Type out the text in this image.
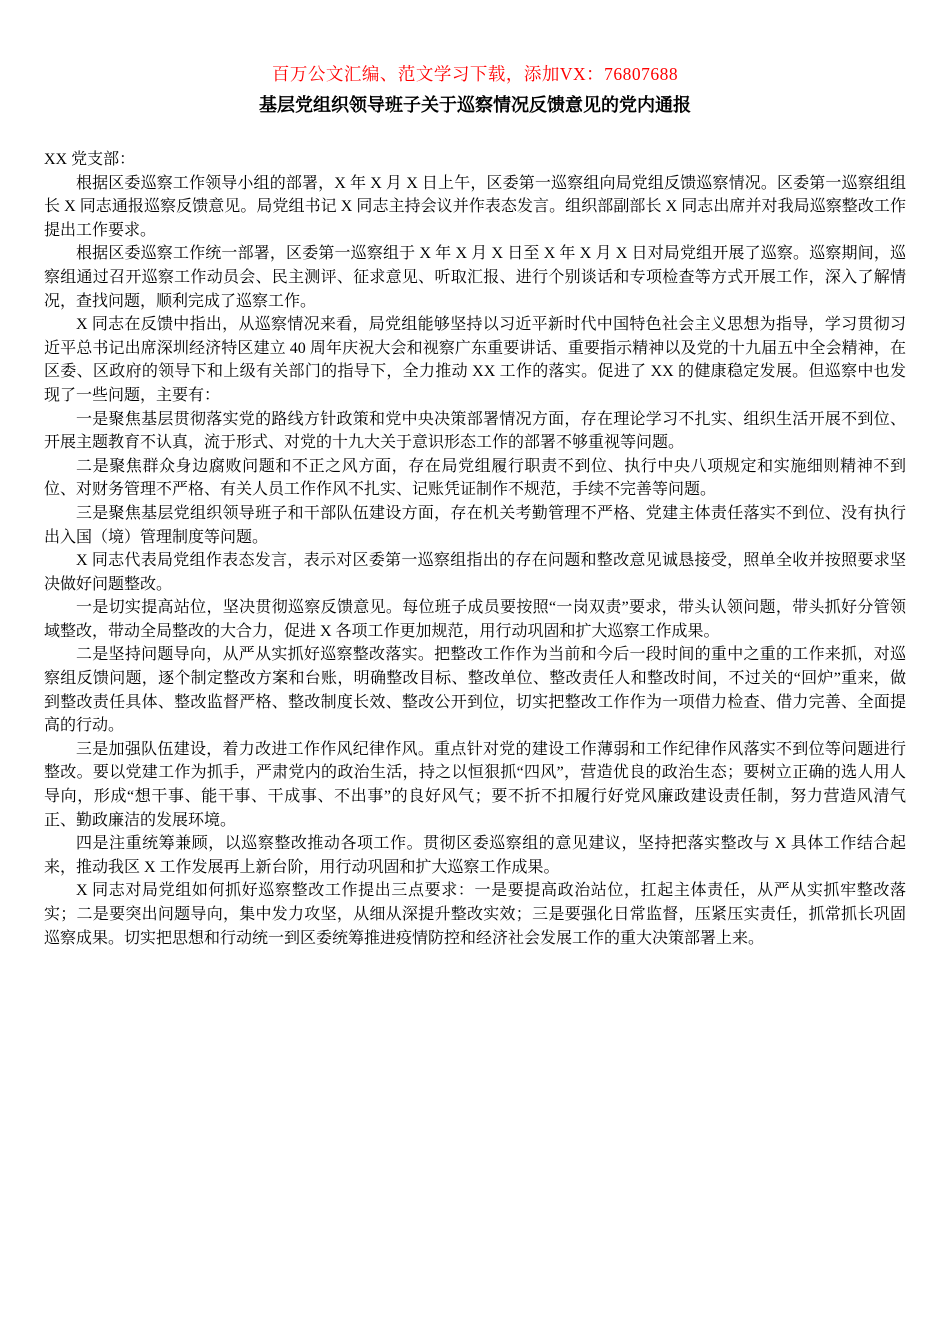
百万公文汇编、范文学习下载，添加VX：76807688
基层党组织领导班子关于巡察情况反馈意见的党内通报

XX 党支部：

根据区委巡察工作领导小组的部署，X 年 X 月 X 日上午，区委第一巡察组向局党组反馈巡察情况。区委第一巡察组组长 X 同志通报巡察反馈意见。局党组书记 X 同志主持会议并作表态发言。组织部副部长 X 同志出席并对我局巡察整改工作提出工作要求。

根据区委巡察工作统一部署，区委第一巡察组于 X 年 X 月 X 日至 X 年 X 月 X 日对局党组开展了巡察。巡察期间，巡察组通过召开巡察工作动员会、民主测评、征求意见、听取汇报、进行个别谈话和专项检查等方式开展工作，深入了解情况，查找问题，顺利完成了巡察工作。

X 同志在反馈中指出，从巡察情况来看，局党组能够坚持以习近平新时代中国特色社会主义思想为指导，学习贯彻习近平总书记出席深圳经济特区建立 40 周年庆祝大会和视察广东重要讲话、重要指示精神以及党的十九届五中全会精神，在区委、区政府的领导下和上级有关部门的指导下，全力推动 XX 工作的落实。促进了 XX 的健康稳定发展。但巡察中也发现了一些问题，主要有：

一是聚焦基层贯彻落实党的路线方针政策和党中央决策部署情况方面，存在理论学习不扎实、组织生活开展不到位、开展主题教育不认真，流于形式、对党的十九大关于意识形态工作的部署不够重视等问题。

二是聚焦群众身边腐败问题和不正之风方面，存在局党组履行职责不到位、执行中央八项规定和实施细则精神不到位、对财务管理不严格、有关人员工作作风不扎实、记账凭证制作不规范，手续不完善等问题。

三是聚焦基层党组织领导班子和干部队伍建设方面，存在机关考勤管理不严格、党建主体责任落实不到位、没有执行出入国（境）管理制度等问题。

X 同志代表局党组作表态发言，表示对区委第一巡察组指出的存在问题和整改意见诚恳接受，照单全收并按照要求坚决做好问题整改。

一是切实提高站位，坚决贯彻巡察反馈意见。每位班子成员要按照“一岗双责”要求，带头认领问题，带头抓好分管领域整改，带动全局整改的大合力，促进 X 各项工作更加规范，用行动巩固和扩大巡察工作成果。

二是坚持问题导向，从严从实抓好巡察整改落实。把整改工作作为当前和今后一段时间的重中之重的工作来抓，对巡察组反馈问题，逐个制定整改方案和台账，明确整改目标、整改单位、整改责任人和整改时间，不过关的“回炉”重来，做到整改责任具体、整改监督严格、整改制度长效、整改公开到位，切实把整改工作作为一项借力检查、借力完善、全面提高的行动。

三是加强队伍建设，着力改进工作作风纪律作风。重点针对党的建设工作薄弱和工作纪律作风落实不到位等问题进行整改。要以党建工作为抓手，严肃党内的政治生活，持之以恒狠抓“四风”，营造优良的政治生态；要树立正确的选人用人导向，形成“想干事、能干事、干成事、不出事”的良好风气；要不折不扣履行好党风廉政建设责任制，努力营造风清气正、勤政廉洁的发展环境。

四是注重统筹兼顾，以巡察整改推动各项工作。贯彻区委巡察组的意见建议，坚持把落实整改与 X 具体工作结合起来，推动我区 X 工作发展再上新台阶，用行动巩固和扩大巡察工作成果。

X 同志对局党组如何抓好巡察整改工作提出三点要求：一是要提高政治站位，扛起主体责任，从严从实抓牢整改落实；二是要突出问题导向，集中发力攻坚，从细从深提升整改实效；三是要强化日常监督，压紧压实责任，抓常抓长巩固巡察成果。切实把思想和行动统一到区委统筹推进疫情防控和经济社会发展工作的重大决策部署上来。
